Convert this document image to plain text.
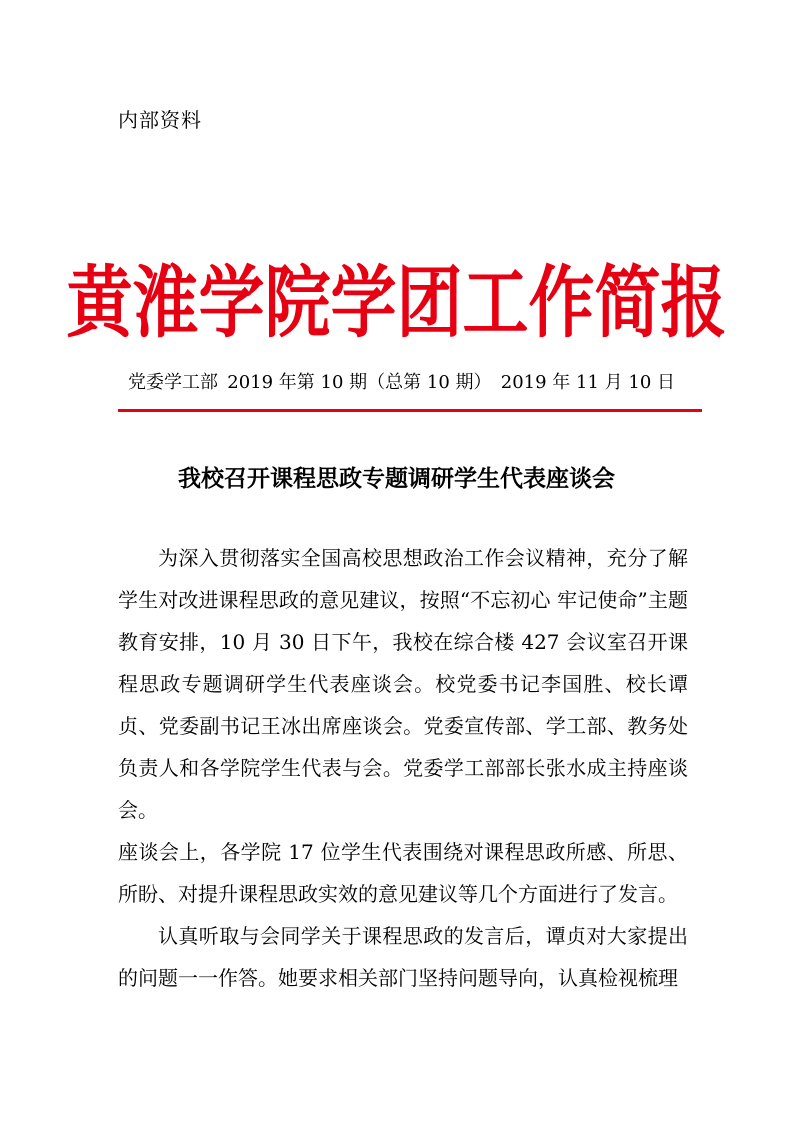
内部资料
黄淮学院学团工作简报
党委学工部 2019 年第 10 期（总第 10 期） 2019 年 11 月 10 日
我校召开课程思政专题调研学生代表座谈会

为深入贯彻落实全国高校思想政治工作会议精神，充分了解学生对改进课程思政的意见建议，按照“不忘初心 牢记使命”主题教育安排，10 月 30 日下午，我校在综合楼 427 会议室召开课程思政专题调研学生代表座谈会。校党委书记李国胜、校长谭贞、党委副书记王冰出席座谈会。党委宣传部、学工部、教务处负责人和各学院学生代表与会。党委学工部部长张水成主持座谈会。

座谈会上，各学院 17 位学生代表围绕对课程思政所感、所思、所盼、对提升课程思政实效的意见建议等几个方面进行了发言。

认真听取与会同学关于课程思政的发言后，谭贞对大家提出的问题一一作答。她要求相关部门坚持问题导向，认真检视梳理
